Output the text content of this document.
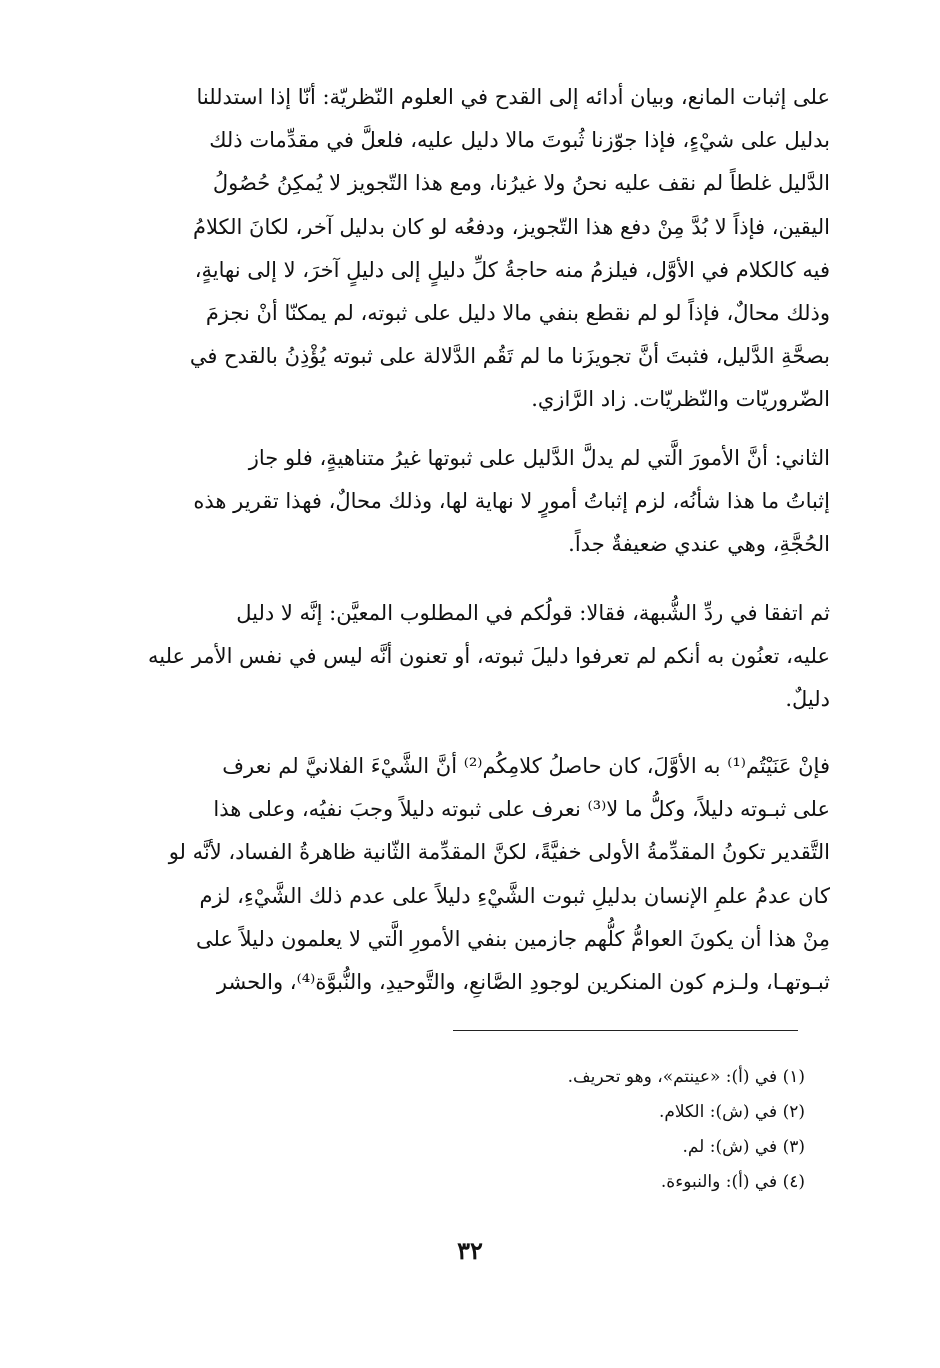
على إثبات المانع، وبيان أدائه إلى القدح في العلوم النّظريّة: أنّا إذا استدللنا
بدليل على شيْءٍ، فإذا جوّزنا ثُبوتَ مالا دليل عليه، فلعلَّ في مقدِّمات ذلك
الدَّليل غلطاً لم نقف عليه نحنُ ولا غيرُنا، ومع هذا التّجويز لا يُمكِنُ حُصُولُ
اليقين، فإذاً لا بُدَّ مِنْ دفع هذا التّجويز، ودفعُه لو كان بدليل آخر، لكانَ الكلامُ
فيه كالكلام في الأوَّل، فيلزمُ منه حاجةُ كلِّ دليلٍ إلى دليلٍ آخرَ، لا إلى نهايةٍ،
وذلك محالٌ، فإذاً لو لم نقطع بنفي مالا دليل على ثبوته، لم يمكنّا أنْ نجزمَ
بصحَّةِ الدَّليل، فثبتَ أنَّ تجويزَنا ما لم تَقُم الدَّلالة على ثبوته يُؤْذِنُ بالقدح في
الضّروريّات والنّظريّات. زاد الرَّازي.
الثاني: أنَّ الأمورَ الَّتي لم يدلَّ الدَّليل على ثبوتها غيرُ متناهيةٍ، فلو جاز
إثباتُ ما هذا شأنُه، لزم إثباتُ أمورٍ لا نهاية لها، وذلك محالٌ، فهذا تقرير هذه
الحُجَّةِ، وهي عندي ضعيفةٌ جداً.
ثم اتفقا في ردِّ الشُّبهة، فقالا: قولُكم في المطلوب المعيَّن: إنَّه لا دليل
عليه، تعنُون به أنكم لم تعرفوا دليلَ ثبوته، أو تعنون أنَّه ليس في نفس الأمر عليه
دليلٌ.
فإنْ عَنَيْتُم⁽¹⁾ به الأوَّلَ، كان حاصلُ كلامِكُم⁽²⁾ أنَّ الشَّيْءَ الفلانيَّ لم نعرف
على ثبـوته دليلاً، وكلُّ ما لا⁽³⁾ نعرف على ثبوته دليلاً وجبَ نفيُه، وعلى هذا
التَّقدير تكونُ المقدِّمةُ الأولى خفيَّةً، لكنَّ المقدِّمة الثّانية ظاهرةُ الفساد، لأنَّه لو
كان عدمُ علمِ الإنسان بدليلِ ثبوت الشَّيْءِ دليلاً على عدم ذلك الشَّيْءِ، لزم
مِنْ هذا أن يكونَ العوامُّ كلُّهم جازمين بنفي الأمورِ الَّتي لا يعلمون دليلاً على
ثبـوتهـا، ولـزم كون المنكرين لوجودِ الصَّانعِ، والتَّوحيدِ، والنُّبوَّة⁽⁴⁾، والحشر
(١) في (أ): «عينتم»، وهو تحريف.
(٢) في (ش): الكلام.
(٣) في (ش): لم.
(٤) في (أ): والنبوءة.
٣٢
